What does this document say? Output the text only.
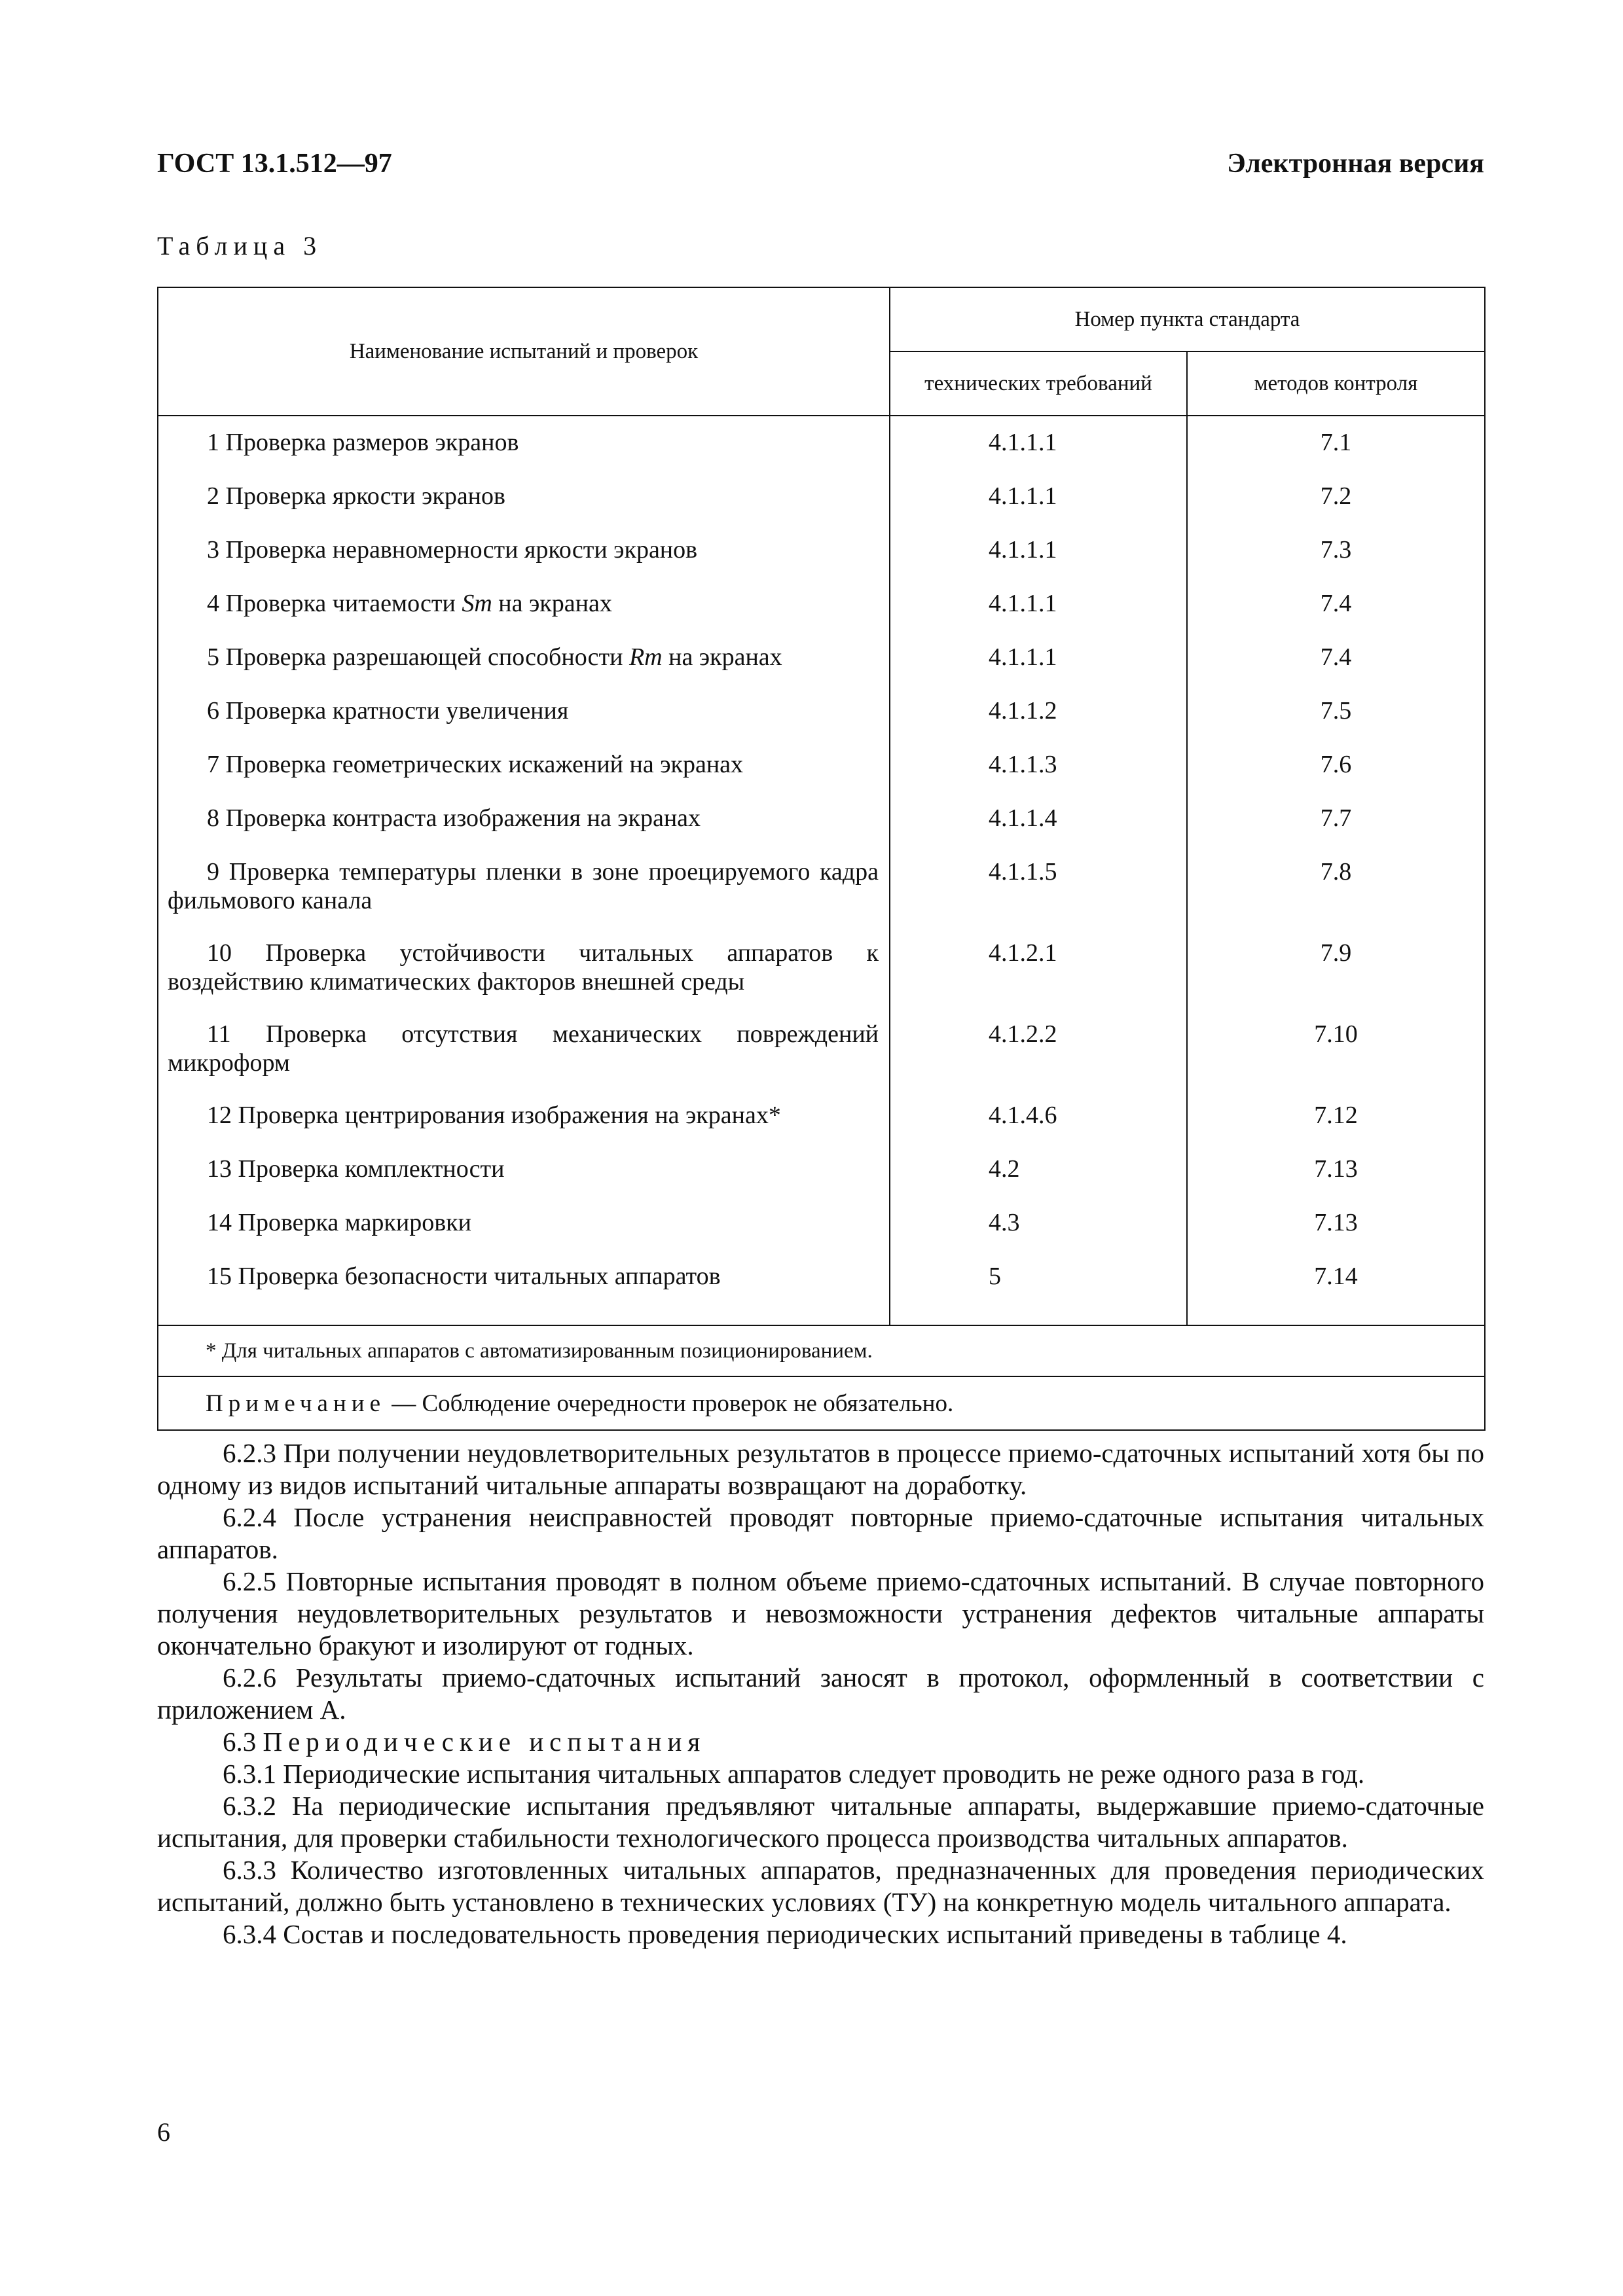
ГОСТ 13.1.512—97	Электронная версия
Таблица 3
Наименование испытаний и проверок	Номер пункта стандарта	
	технических требований	методов контроля
1 Проверка размеров экранов	4.1.1.1	7.1
2 Проверка яркости экранов	4.1.1.1	7.2
3 Проверка неравномерности яркости экранов	4.1.1.1	7.3
4 Проверка читаемости Sm на экранах	4.1.1.1	7.4
5 Проверка разрешающей способности Rm на экранах	4.1.1.1	7.4
6 Проверка кратности увеличения	4.1.1.2	7.5
7 Проверка геометрических искажений на экранах	4.1.1.3	7.6
8 Проверка контраста изображения на экранах	4.1.1.4	7.7
9 Проверка температуры пленки в зоне проецируемого кадра фильмового канала	4.1.1.5	7.8
10 Проверка устойчивости читальных аппаратов к воздействию климатических факторов внешней среды	4.1.2.1	7.9
11 Проверка отсутствия механических повреждений микроформ	4.1.2.2	7.10
12 Проверка центрирования изображения на экранах*	4.1.4.6	7.12
13 Проверка комплектности	4.2	7.13
14 Проверка маркировки	4.3	7.13
15 Проверка безопасности читальных аппаратов	5	7.14
* Для читальных аппаратов с автоматизированным позиционированием.		
Примечание — Соблюдение очередности проверок не обязательно.		

6.2.3 При получении неудовлетворительных результатов в процессе приемо-сдаточных испытаний хотя бы по одному из видов испытаний читальные аппараты возвращают на доработку.

6.2.4 После устранения неисправностей проводят повторные приемо-сдаточные испытания читальных аппаратов.

6.2.5 Повторные испытания проводят в полном объеме приемо-сдаточных испытаний. В случае повторного получения неудовлетворительных результатов и невозможности устранения дефектов читальные аппараты окончательно бракуют и изолируют от годных.

6.2.6 Результаты приемо-сдаточных испытаний заносят в протокол, оформленный в соответствии с приложением А.

6.3 Периодические испытания

6.3.1 Периодические испытания читальных аппаратов следует проводить не реже одного раза в год.

6.3.2 На периодические испытания предъявляют читальные аппараты, выдержавшие приемо-сдаточные испытания, для проверки стабильности технологического процесса производства читальных аппаратов.

6.3.3 Количество изготовленных читальных аппаратов, предназначенных для проведения периодических испытаний, должно быть установлено в технических условиях (ТУ) на конкретную модель читального аппарата.

6.3.4 Состав и последовательность проведения периодических испытаний приведены в таблице 4.

6
